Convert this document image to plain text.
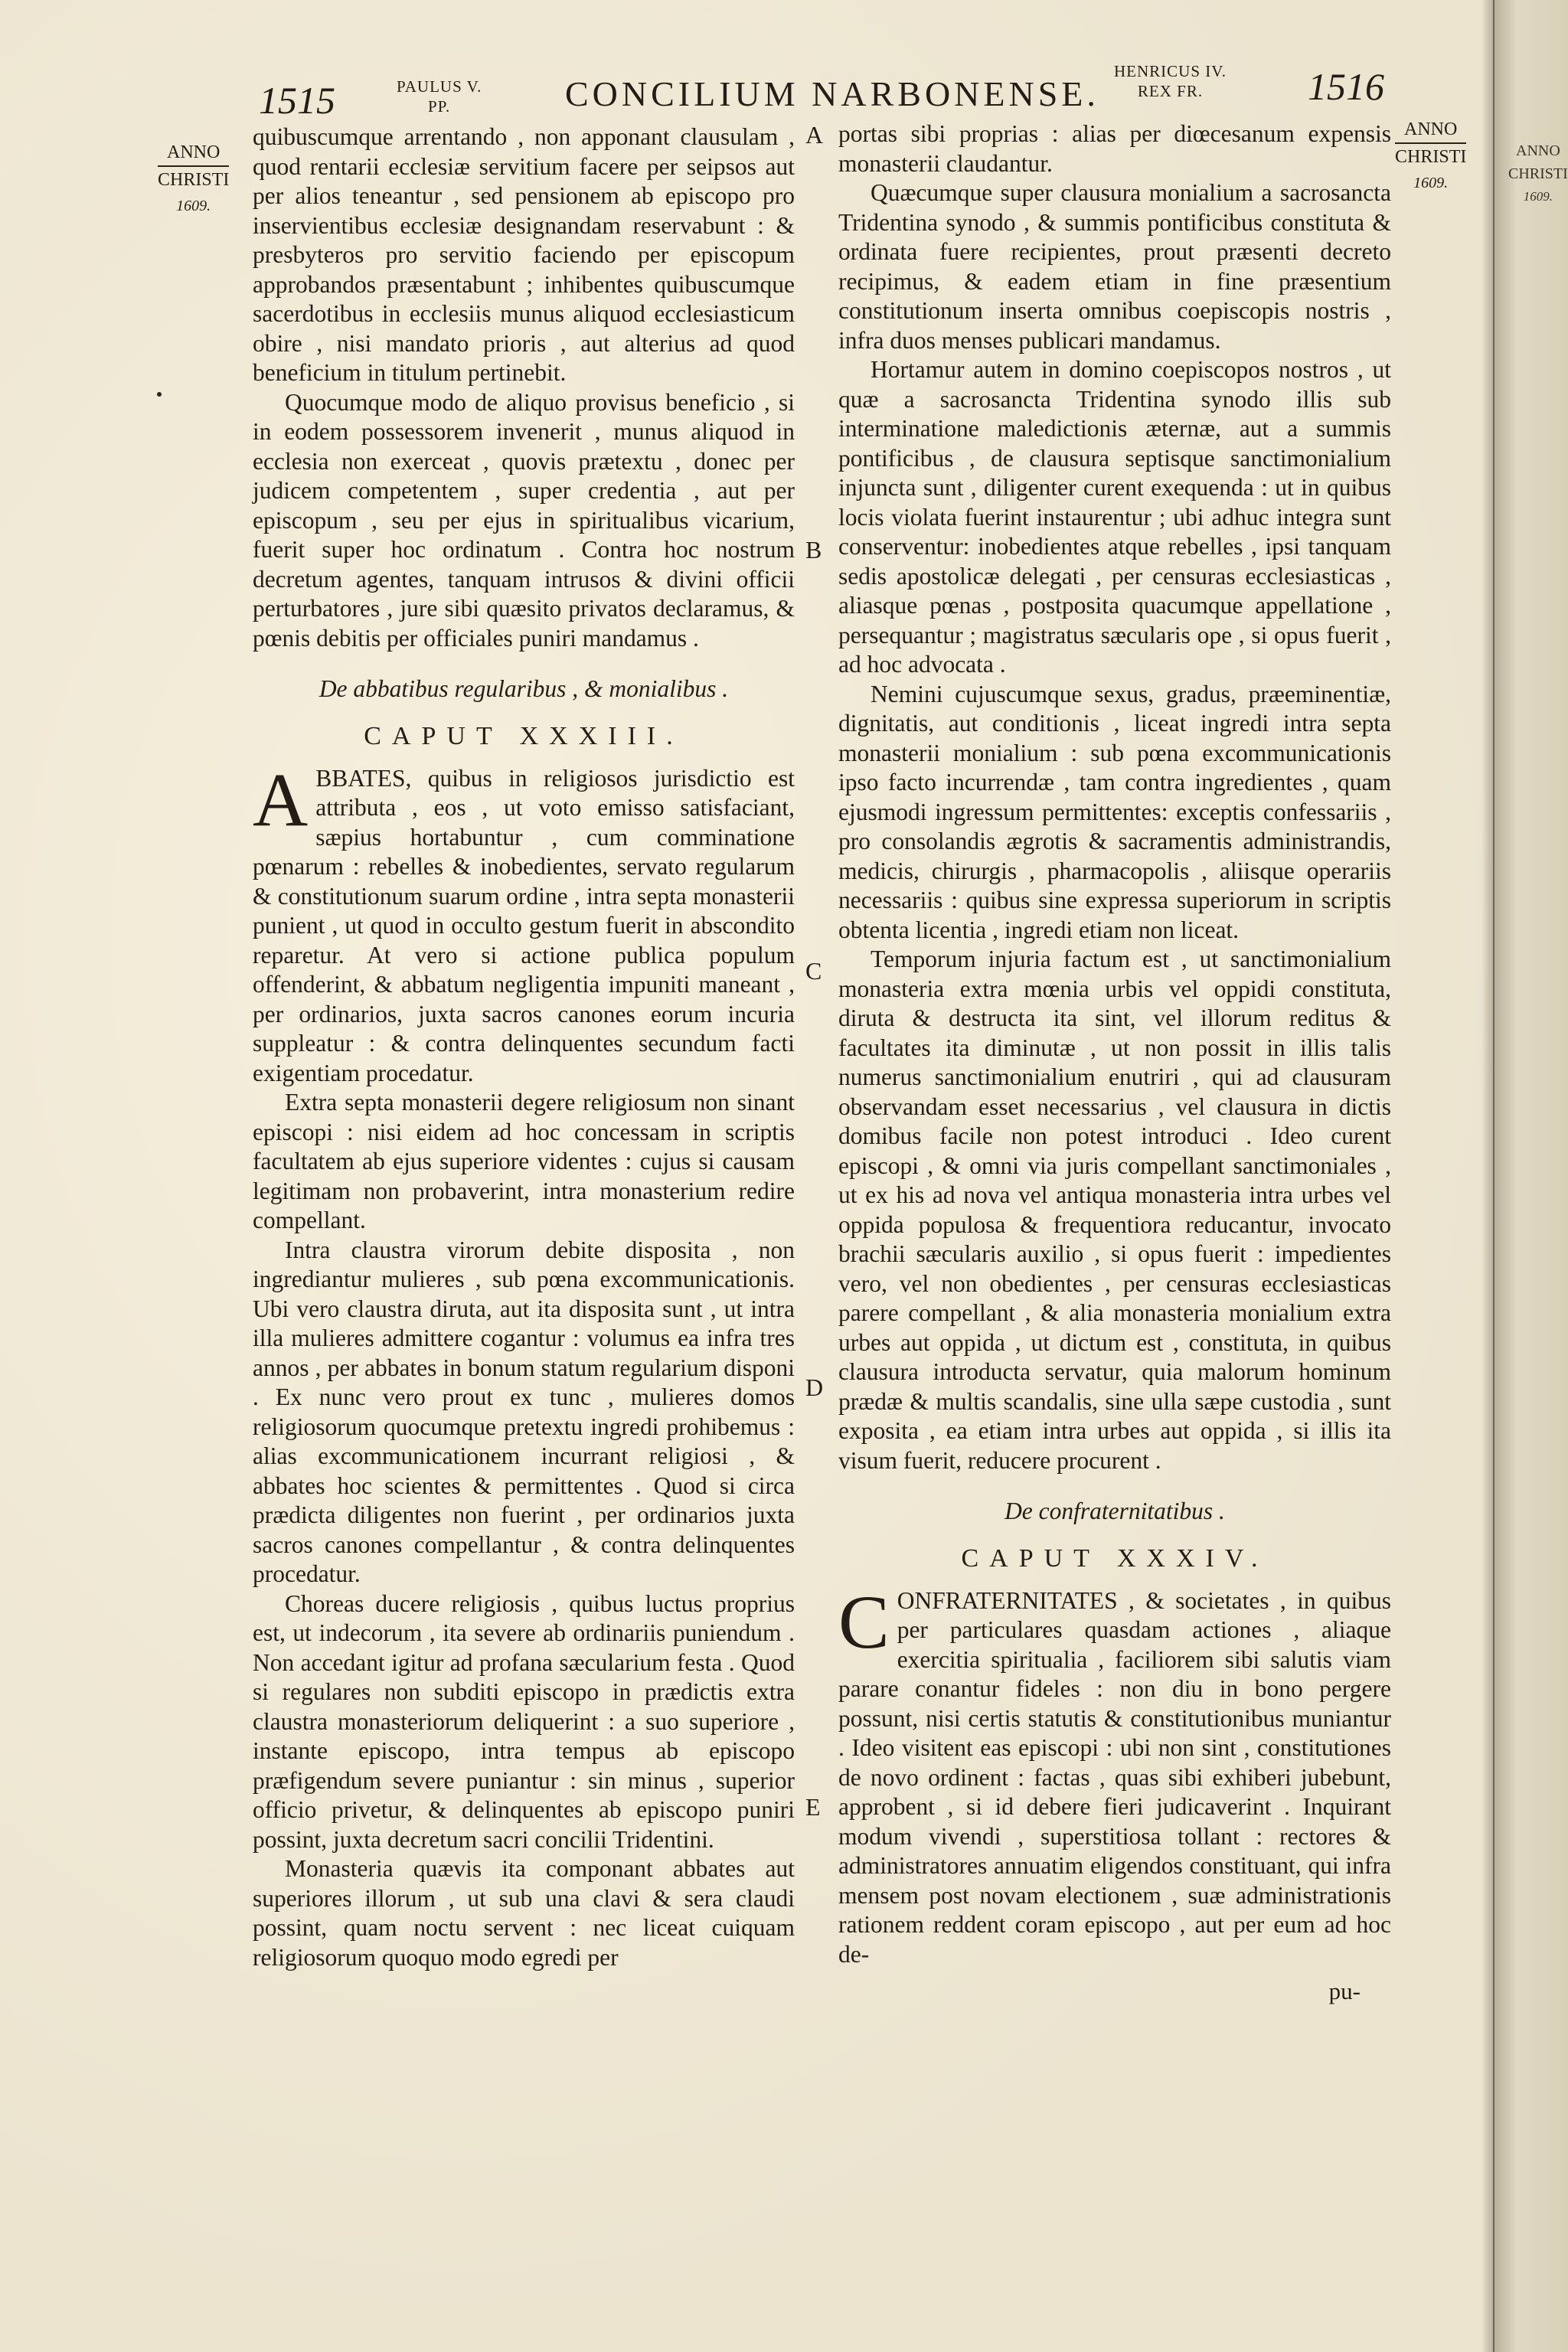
1515	PAULUS V.
PP.	CONCILIUM NARBONENSE.
HENRICUS IV.
REX FR.	1516
ANNO
CHRISTI
1609.
ANNO
CHRISTI
1609.
A
B
C
D
E

quibuscumque arrentando , non apponant clausulam , quod rentarii ecclesiæ servitium facere per seipsos aut per alios teneantur , sed pensionem ab episcopo pro inservientibus ecclesiæ designandam reservabunt : & presbyteros pro servitio faciendo per episcopum approbandos præsentabunt ; inhibentes quibuscumque sacerdotibus in ecclesiis munus aliquod ecclesiasticum obire , nisi mandato prioris , aut alterius ad quod beneficium in titulum pertinebit.

Quocumque modo de aliquo provisus beneficio , si in eodem possessorem invenerit , munus aliquod in ecclesia non exerceat , quovis prætextu , donec per judicem competentem , super credentia , aut per episcopum , seu per ejus in spiritualibus vicarium, fuerit super hoc ordinatum . Contra hoc nostrum decretum agentes, tanquam intrusos & divini officii perturbatores , jure sibi quæsito privatos declaramus, & pœnis debitis per officiales puniri mandamus .

De abbatibus regularibus , & monialibus .

CAPUT XXXIII.

ABBATES, quibus in religiosos jurisdictio est attributa , eos , ut voto emisso satisfaciant, sæpius hortabuntur , cum comminatione pœnarum : rebelles & inobedientes, servato regularum & constitutionum suarum ordine , intra septa monasterii punient , ut quod in occulto gestum fuerit in abscondito reparetur. At vero si actione publica populum offenderint, & abbatum negligentia impuniti maneant , per ordinarios, juxta sacros canones eorum incuria suppleatur : & contra delinquentes secundum facti exigentiam procedatur.

Extra septa monasterii degere religiosum non sinant episcopi : nisi eidem ad hoc concessam in scriptis facultatem ab ejus superiore videntes : cujus si causam legitimam non probaverint, intra monasterium redire compellant.

Intra claustra virorum debite disposita , non ingrediantur mulieres , sub pœna excommunicationis. Ubi vero claustra diruta, aut ita disposita sunt , ut intra illa mulieres admittere cogantur : volumus ea infra tres annos , per abbates in bonum statum regularium disponi . Ex nunc vero prout ex tunc , mulieres domos religiosorum quocumque pretextu ingredi prohibemus : alias excommunicationem incurrant religiosi , & abbates hoc scientes & permittentes . Quod si circa prædicta diligentes non fuerint , per ordinarios juxta sacros canones compellantur , & contra delinquentes procedatur.

Choreas ducere religiosis , quibus luctus proprius est, ut indecorum , ita severe ab ordinariis puniendum . Non accedant igitur ad profana sæcularium festa . Quod si regulares non subditi episcopo in prædictis extra claustra monasteriorum deliquerint : a suo superiore , instante episcopo, intra tempus ab episcopo præfigendum severe puniantur : sin minus , superior officio privetur, & delinquentes ab episcopo puniri possint, juxta decretum sacri concilii Tridentini.

Monasteria quævis ita componant abbates aut superiores illorum , ut sub una clavi & sera claudi possint, quam noctu servent : nec liceat cuiquam religiosorum quoquo modo egredi per

portas sibi proprias : alias per diœcesanum expensis monasterii claudantur.

Quæcumque super clausura monialium a sacrosancta Tridentina synodo , & summis pontificibus constituta & ordinata fuere recipientes, prout præsenti decreto recipimus, & eadem etiam in fine præsentium constitutionum inserta omnibus coepiscopis nostris , infra duos menses publicari mandamus.

Hortamur autem in domino coepiscopos nostros , ut quæ a sacrosancta Tridentina synodo illis sub interminatione maledictionis æternæ, aut a summis pontificibus , de clausura septisque sanctimonialium injuncta sunt , diligenter curent exequenda : ut in quibus locis violata fuerint instaurentur ; ubi adhuc integra sunt conserventur: inobedientes atque rebelles , ipsi tanquam sedis apostolicæ delegati , per censuras ecclesiasticas , aliasque pœnas , postposita quacumque appellatione , persequantur ; magistratus sæcularis ope , si opus fuerit , ad hoc advocata .

Nemini cujuscumque sexus, gradus, præeminentiæ, dignitatis, aut conditionis , liceat ingredi intra septa monasterii monialium : sub pœna excommunicationis ipso facto incurrendæ , tam contra ingredientes , quam ejusmodi ingressum permittentes: exceptis confessariis , pro consolandis ægrotis & sacramentis administrandis, medicis, chirurgis , pharmacopolis , aliisque operariis necessariis : quibus sine expressa superiorum in scriptis obtenta licentia , ingredi etiam non liceat.

Temporum injuria factum est , ut sanctimonialium monasteria extra mœnia urbis vel oppidi constituta, diruta & destructa ita sint, vel illorum reditus & facultates ita diminutæ , ut non possit in illis talis numerus sanctimonialium enutriri , qui ad clausuram observandam esset necessarius , vel clausura in dictis domibus facile non potest introduci . Ideo curent episcopi , & omni via juris compellant sanctimoniales , ut ex his ad nova vel antiqua monasteria intra urbes vel oppida populosa & frequentiora reducantur, invocato brachii sæcularis auxilio , si opus fuerit : impedientes vero, vel non obedientes , per censuras ecclesiasticas parere compellant , & alia monasteria monialium extra urbes aut oppida , ut dictum est , constituta, in quibus clausura introducta servatur, quia malorum hominum prædæ & multis scandalis, sine ulla sæpe custodia , sunt exposita , ea etiam intra urbes aut oppida , si illis ita visum fuerit, reducere procurent .

De confraternitatibus .

CAPUT XXXIV.

CONFRATERNITATES , & societates , in quibus per particulares quasdam actiones , aliaque exercitia spiritualia , faciliorem sibi salutis viam parare conantur fideles : non diu in bono pergere possunt, nisi certis statutis & constitutionibus muniantur . Ideo visitent eas episcopi : ubi non sint , constitutiones de novo ordinent : factas , quas sibi exhiberi jubebunt, approbent , si id debere fieri judicaverint . Inquirant modum vivendi , superstitiosa tollant : rectores & administratores annuatim eligendos constituant, qui infra mensem post novam electionem , suæ administrationis rationem reddent coram episcopo , aut per eum ad hoc de-

pu-

ANNO
CHRISTI
1609.
